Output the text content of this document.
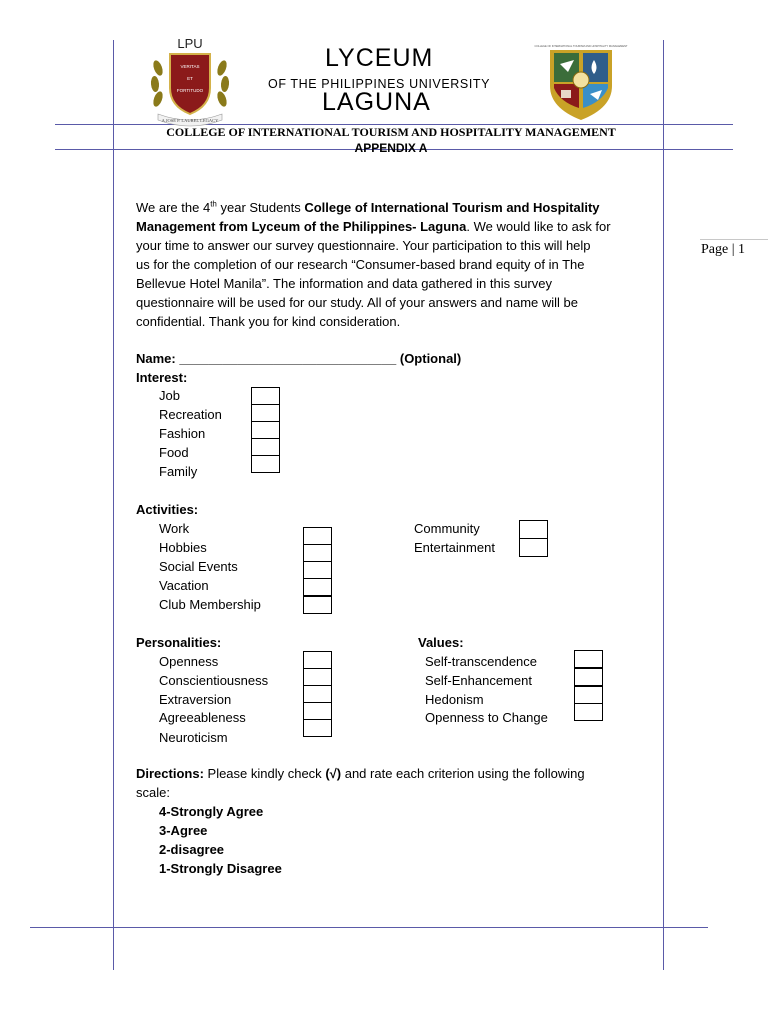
LPU
VERITAS
ET
FORTITUDO
A JOSE P. LAUREL LEGACY
COLLEGE OF INTERNATIONAL TOURISM AND HOSPITALITY MANAGEMENT
LYCEUM
OF THE PHILIPPINES UNIVERSITY
LAGUNA
COLLEGE OF INTERNATIONAL TOURISM AND HOSPITALITY MANAGEMENT
APPENDIX A
Page | 1

We are the 4th year Students College of International Tourism and Hospitality

Management from Lyceum of the Philippines- Laguna. We would like to ask for

your time to answer our survey questionnaire. Your participation to this will help

us for the completion of our research “Consumer-based brand equity of in The

Bellevue Hotel Manila”. The information and data gathered in this survey

questionnaire will be used for our study. All of your answers and name will be

confidential. Thank you for kind consideration.

Name: ______________________________ (Optional)
Interest:
Job
Recreation
Fashion
Food
Family
Activities:
Work
Hobbies
Social Events
Vacation
Club Membership
Community
Entertainment
Personalities:
Openness
Conscientiousness
Extraversion
Agreeableness
Neuroticism
Values:
Self-transcendence
Self-Enhancement
Hedonism
Openness to Change
Directions: Please kindly check (√) and rate each criterion using the following
scale:
4-Strongly Agree
3-Agree
2-disagree
1-Strongly Disagree
